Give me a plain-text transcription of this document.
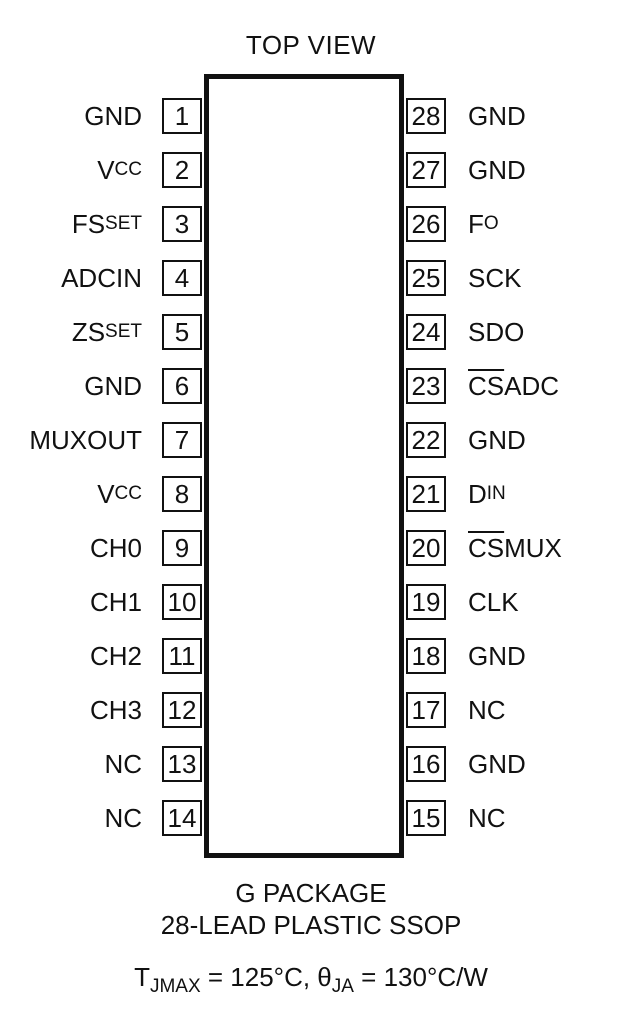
TOP VIEW
1
GND
2
V CC
3
FS SET
4
ADCIN
5
ZS SET
6
GND
7
MUXOUT
8
V CC
9
CH0
10
CH1
11
CH2
12
CH3
13
NC
14
NC
28 GND
27 GND
26 F O
25 SCK
24 SDO
23 $\overline{CS}$ ADC
22 GND
21 D IN
20 $\overline{CS}$ MUX
19 CLK
18 GND
17 NC
16 GND
15 NC
G PACKAGE
28-LEAD PLASTIC SSOP
$T_{JMAX} = 125^\circ C$, $\theta_{JA} = 130^\circ C/W$
